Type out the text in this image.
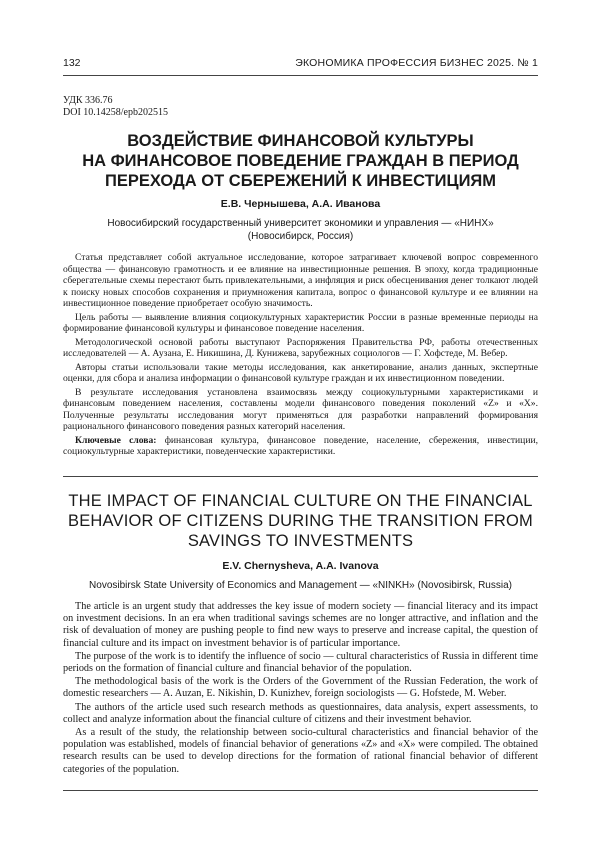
132	ЭКОНОМИКА ПРОФЕССИЯ БИЗНЕС 2025. № 1
УДК 336.76
DOI 10.14258/epb202515
ВОЗДЕЙСТВИЕ ФИНАНСОВОЙ КУЛЬТУРЫ
НА ФИНАНСОВОЕ ПОВЕДЕНИЕ ГРАЖДАН В ПЕРИОД
ПЕРЕХОДА ОТ СБЕРЕЖЕНИЙ К ИНВЕСТИЦИЯМ
Е.В. Чернышева, А.А. Иванова
Новосибирский государственный университет экономики и управления — «НИНХ»
(Новосибирск, Россия)

Статья представляет собой актуальное исследование, которое затрагивает ключевой вопрос современного общества — финансовую грамотность и ее влияние на инвестиционные решения. В эпоху, когда традиционные сберегательные схемы перестают быть привлекательными, а инфляция и риск обесценивания денег толкают людей к поиску новых способов сохранения и приумножения капитала, вопрос о финансовой культуре и ее влиянии на инвестиционное поведение приобретает особую значимость.

Цель работы — выявление влияния социокультурных характеристик России в разные временные периоды на формирование финансовой культуры и финансовое поведение населения.

Методологической основой работы выступают Распоряжения Правительства РФ, работы отечественных исследователей — А. Аузана, Е. Никишина, Д. Кунижева, зарубежных социологов — Г. Хофстеде, М. Вебер.

Авторы статьи использовали такие методы исследования, как анкетирование, анализ данных, экспертные оценки, для сбора и анализа информации о финансовой культуре граждан и их инвестиционном поведении.

В результате исследования установлена взаимосвязь между социокультурными характеристиками и финансовым поведением населения, составлены модели финансового поведения поколений «Z» и «X». Полученные результаты исследования могут применяться для разработки направлений формирования рационального финансового поведения разных категорий населения.

Ключевые слова: финансовая культура, финансовое поведение, население, сбережения, инвестиции, социокультурные характеристики, поведенческие характеристики.

THE IMPACT OF FINANCIAL CULTURE ON THE FINANCIAL
BEHAVIOR OF CITIZENS DURING THE TRANSITION FROM
SAVINGS TO INVESTMENTS
E.V. Chernysheva, A.A. Ivanova
Novosibirsk State University of Economics and Management — «NINKH» (Novosibirsk, Russia)

The article is an urgent study that addresses the key issue of modern society — financial literacy and its impact on investment decisions. In an era when traditional savings schemes are no longer attractive, and inflation and the risk of devaluation of money are pushing people to find new ways to preserve and increase capital, the question of financial culture and its impact on investment behavior is of particular importance.

The purpose of the work is to identify the influence of socio — cultural characteristics of Russia in different time periods on the formation of financial culture and financial behavior of the population.

The methodological basis of the work is the Orders of the Government of the Russian Federation, the work of domestic researchers — A. Auzan, E. Nikishin, D. Kunizhev, foreign sociologists — G. Hofstede, M. Weber.

The authors of the article used such research methods as questionnaires, data analysis, expert assessments, to collect and analyze information about the financial culture of citizens and their investment behavior.

As a result of the study, the relationship between socio-cultural characteristics and financial behavior of the population was established, models of financial behavior of generations «Z» and «X» were compiled. The obtained research results can be used to develop directions for the formation of rational financial behavior of different categories of the population.
